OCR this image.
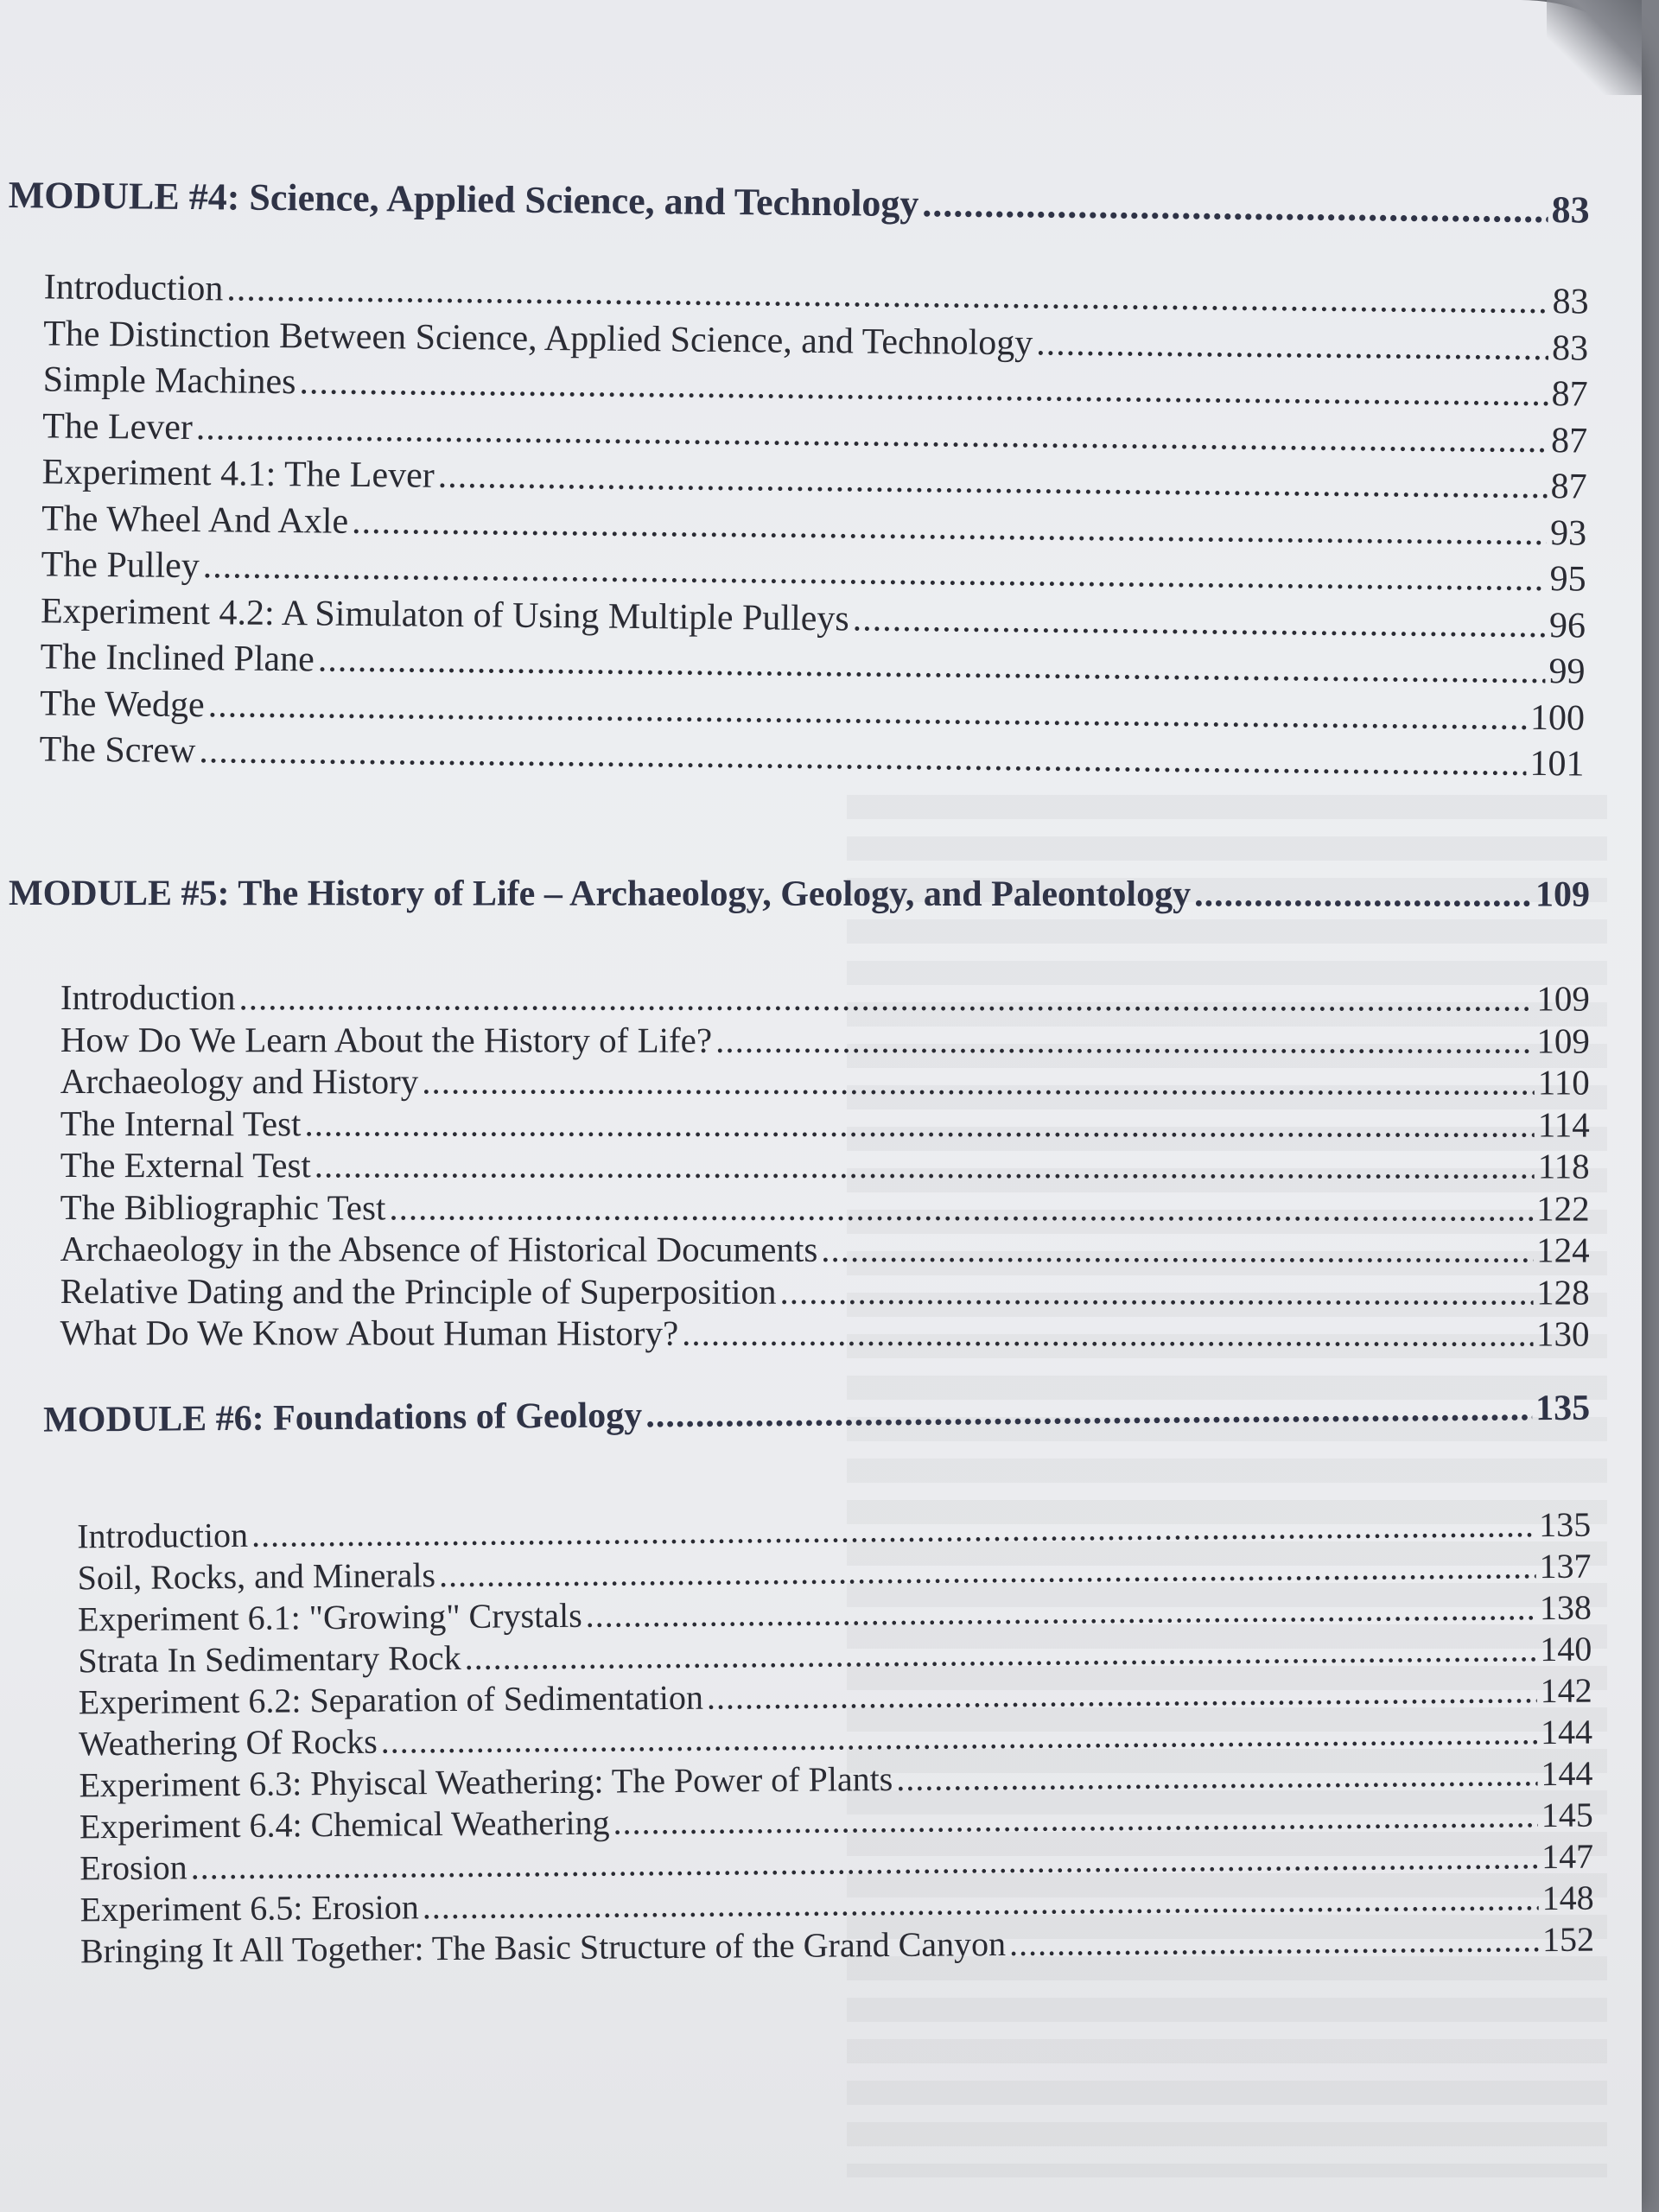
MODULE #4: Science, Applied Science, and Technology .....	83
Introduction .....	83
The Distinction Between Science, Applied Science, and Technology .....	83
Simple Machines .....	87
The Lever .....	87
Experiment 4.1: The Lever .....	87
The Wheel And Axle .....	93
The Pulley .....	95
Experiment 4.2: A Simulaton of Using Multiple Pulleys .....	96
The Inclined Plane .....	99
The Wedge .....	100
The Screw .....	101
MODULE #5: The History of Life – Archaeology, Geology, and Paleontology .....	109
Introduction .....	109
How Do We Learn About the History of Life? .....	109
Archaeology and History .....	110
The Internal Test .....	114
The External Test .....	118
The Bibliographic Test .....	122
Archaeology in the Absence of Historical Documents .....	124
Relative Dating and the Principle of Superposition .....	128
What Do We Know About Human History? .....	130
MODULE #6: Foundations of Geology .....	135
Introduction .....	135
Soil, Rocks, and Minerals .....	137
Experiment 6.1: "Growing" Crystals .....	138
Strata In Sedimentary Rock .....	140
Experiment 6.2: Separation of Sedimentation .....	142
Weathering Of Rocks .....	144
Experiment 6.3: Phyiscal Weathering: The Power of Plants .....	144
Experiment 6.4: Chemical Weathering .....	145
Erosion .....	147
Experiment 6.5: Erosion .....	148
Bringing It All Together: The Basic Structure of the Grand Canyon .....	152
